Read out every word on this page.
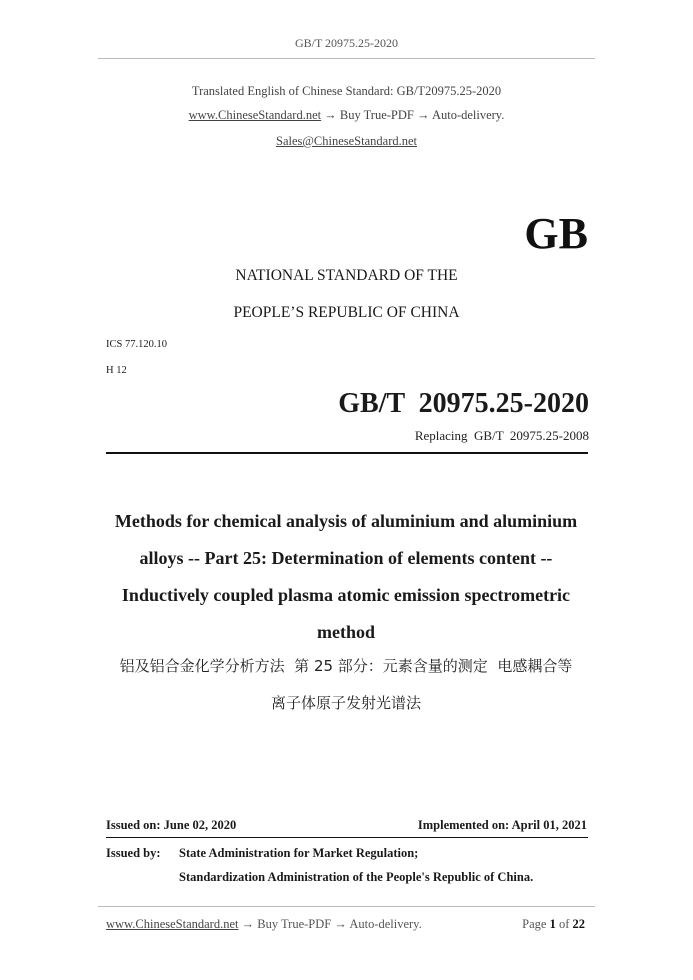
GB/T 20975.25-2020
Translated English of Chinese Standard: GB/T20975.25-2020
www.ChineseStandard.net → Buy True-PDF → Auto-delivery.
Sales@ChineseStandard.net
GB
NATIONAL STANDARD OF THE
PEOPLE’S REPUBLIC OF CHINA
ICS 77.120.10
H 12
GB/T  20975.25-2020
Replacing  GB/T  20975.25-2008
Methods for chemical analysis of aluminium and aluminium
alloys -- Part 25: Determination of elements content --
Inductively coupled plasma atomic emission spectrometric
method
铝及铝合金化学分析方法  第 25 部分：元素含量的测定  电感耦合等
离子体原子发射光谱法
Issued on: June 02, 2020	Implemented on: April 01, 2021
Issued by: State Administration for Market Regulation;
Standardization Administration of the People's Republic of China.
www.ChineseStandard.net → Buy True-PDF → Auto-delivery.	Page 1 of 22
